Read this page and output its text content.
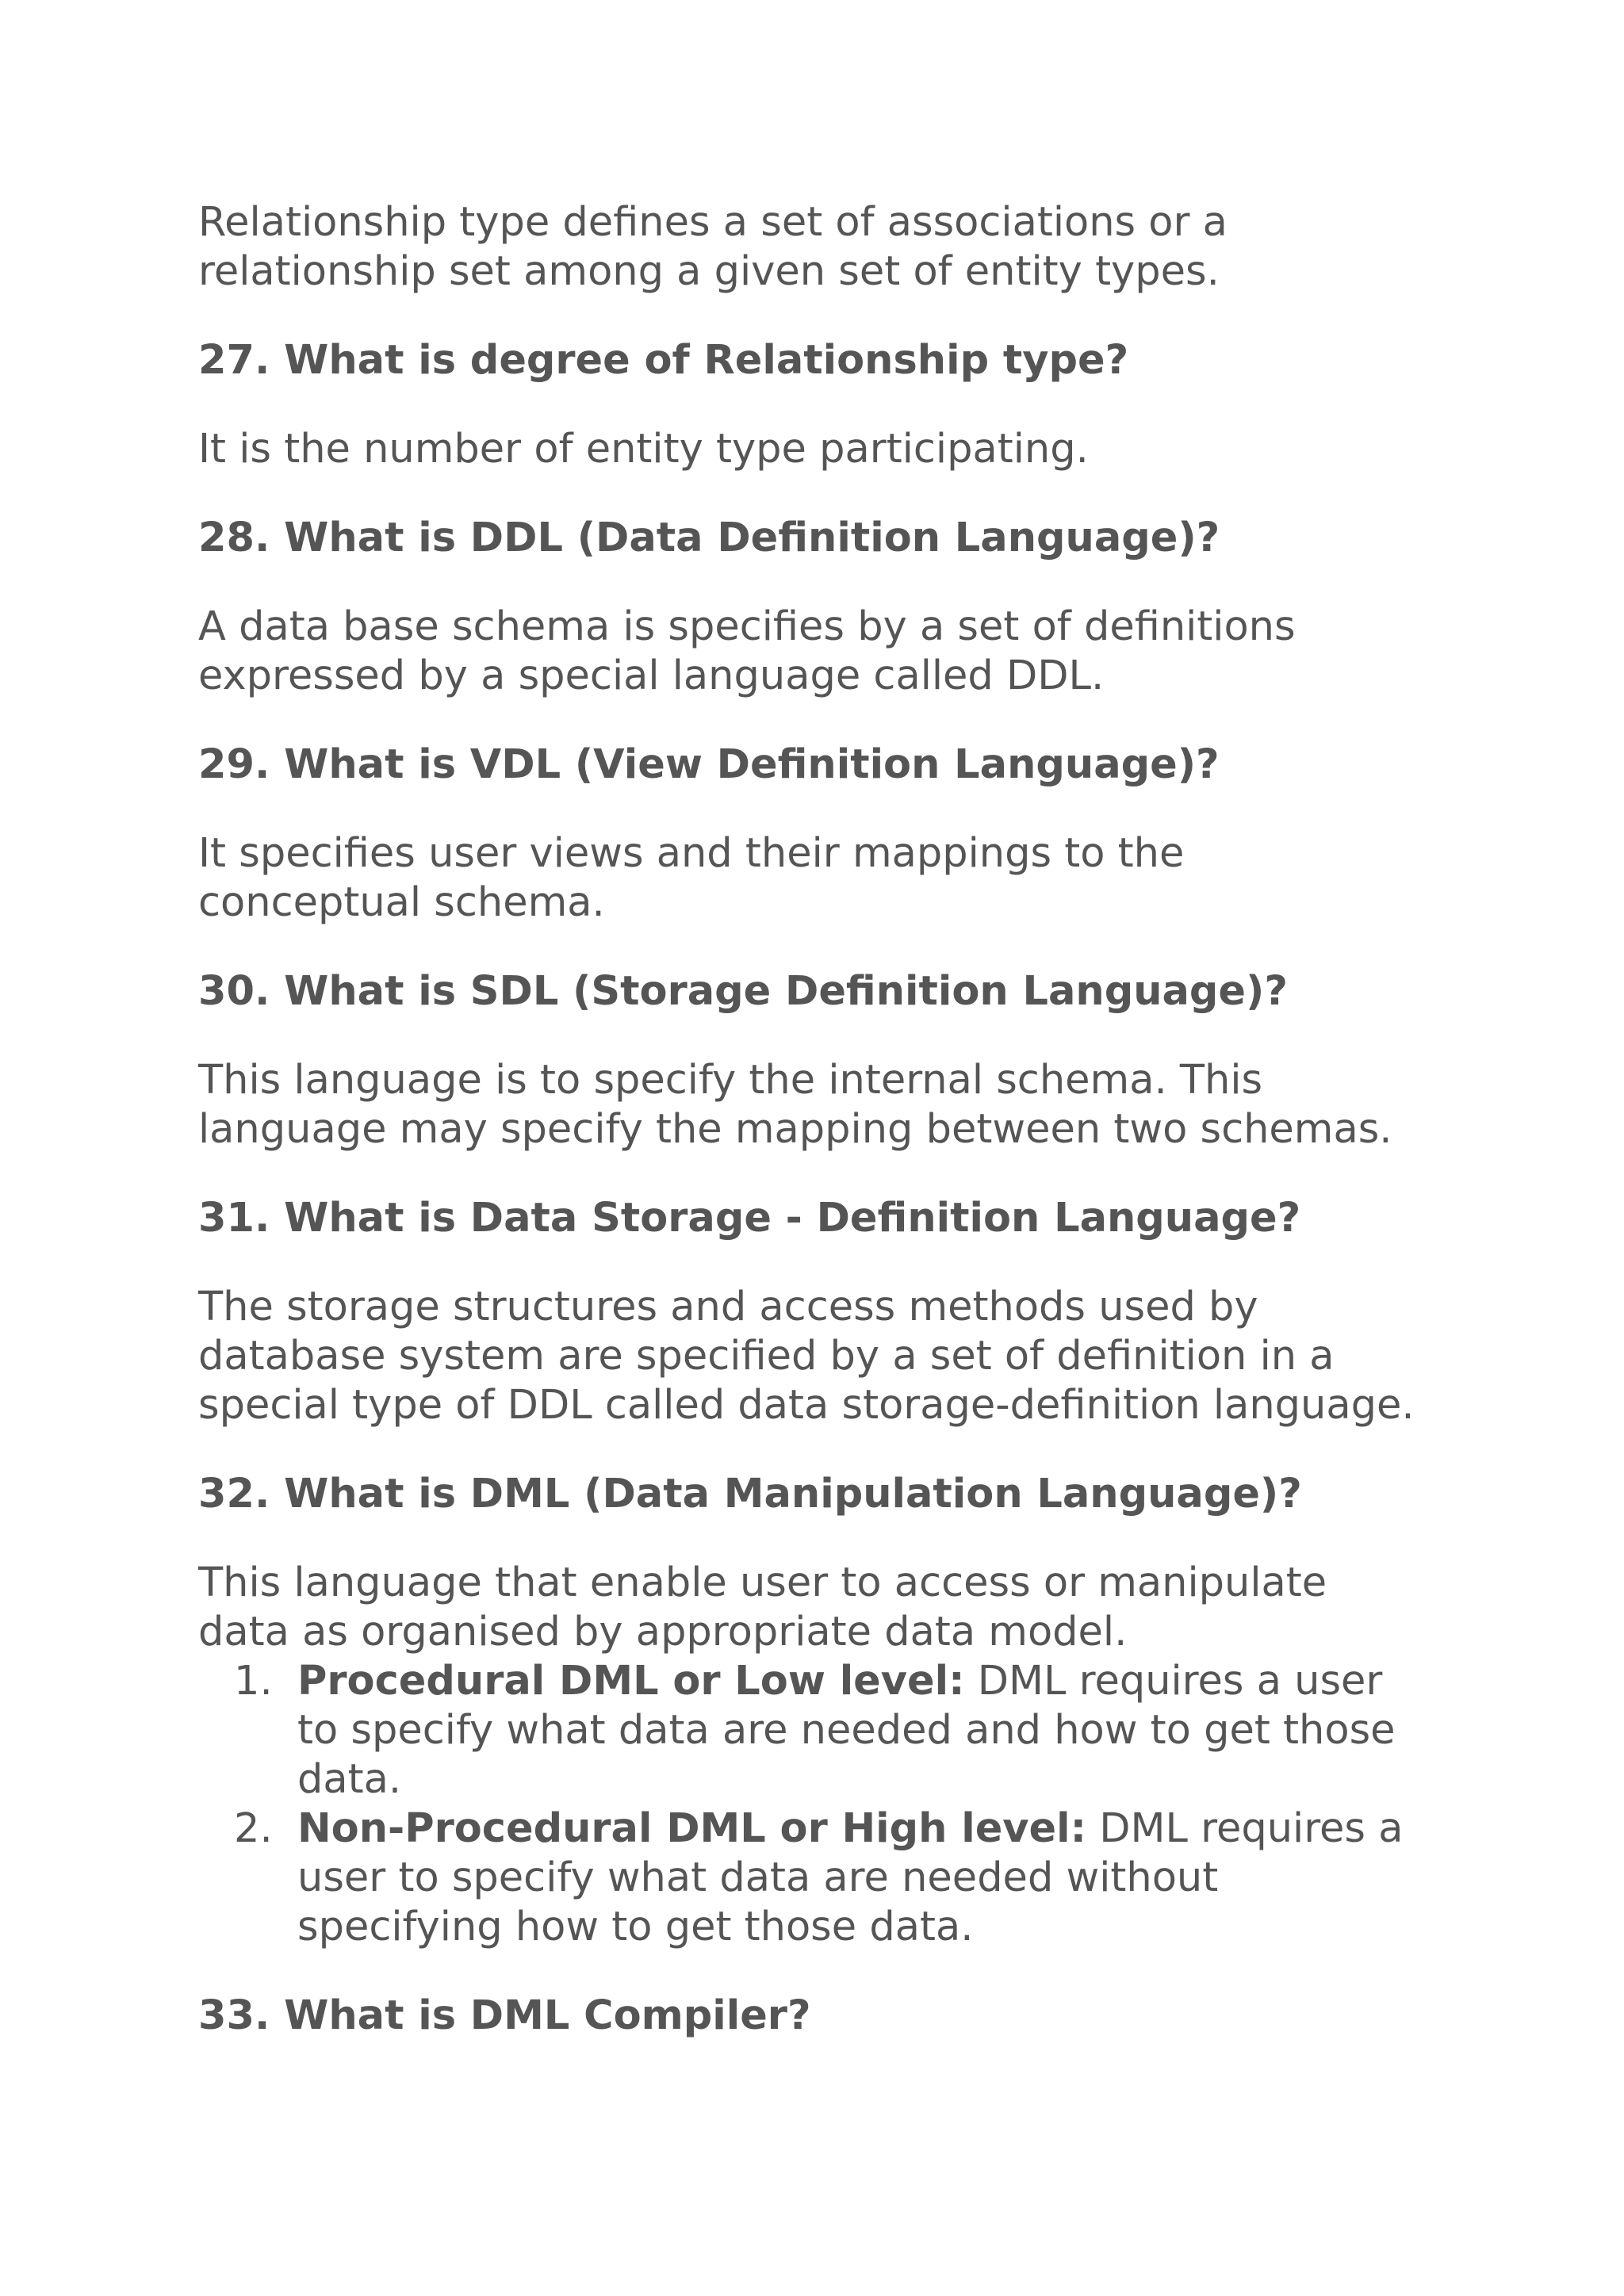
Relationship type defines a set of associations or a
relationship set among a given set of entity types.

27. What is degree of Relationship type?

It is the number of entity type participating.

28. What is DDL (Data Definition Language)?

A data base schema is specifies by a set of definitions
expressed by a special language called DDL.

29. What is VDL (View Definition Language)?

It specifies user views and their mappings to the
conceptual schema.

30. What is SDL (Storage Definition Language)?

This language is to specify the internal schema. This
language may specify the mapping between two schemas.

31. What is Data Storage - Definition Language?

The storage structures and access methods used by
database system are specified by a set of definition in a
special type of DDL called data storage-definition language.

32. What is DML (Data Manipulation Language)?

This language that enable user to access or manipulate
data as organised by appropriate data model.

1. Procedural DML or Low level: DML requires a user
to specify what data are needed and how to get those
data.
2. Non-Procedural DML or High level: DML requires a
user to specify what data are needed without
specifying how to get those data.
33. What is DML Compiler?
